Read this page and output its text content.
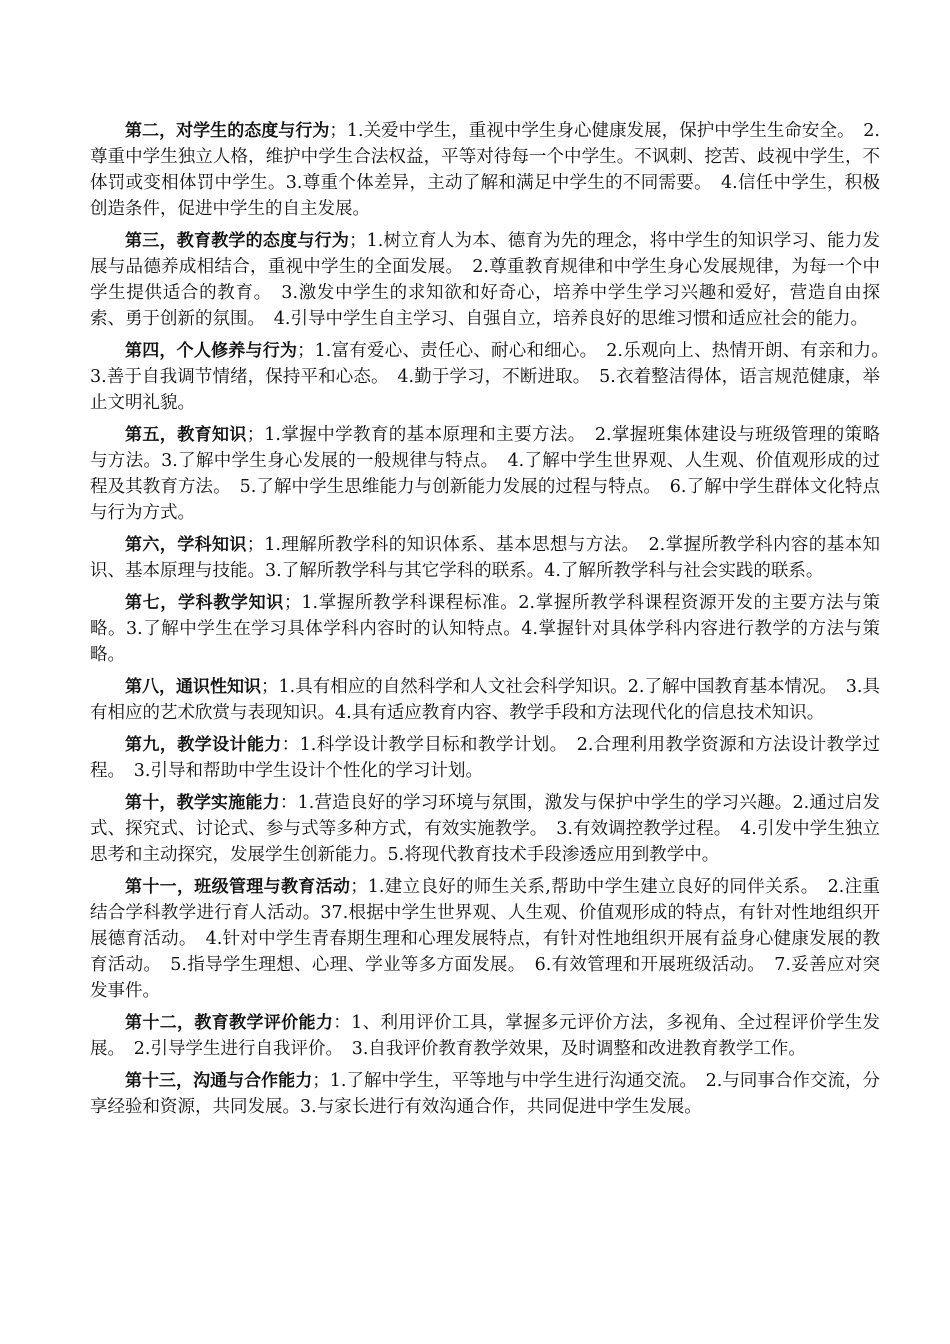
第二，对学生的态度与行为；1.关爱中学生，重视中学生身心健康发展，保护中学生生命安全。　2.尊重中学生独立人格，维护中学生合法权益，平等对待每一个中学生。不讽刺、挖苦、歧视中学生，不体罚或变相体罚中学生。3.尊重个体差异，主动了解和满足中学生的不同需要。　4.信任中学生，积极创造条件，促进中学生的自主发展。

第三，教育教学的态度与行为；1.树立育人为本、德育为先的理念，将中学生的知识学习、能力发展与品德养成相结合，重视中学生的全面发展。　2.尊重教育规律和中学生身心发展规律，为每一个中学生提供适合的教育。　3.激发中学生的求知欲和好奇心，培养中学生学习兴趣和爱好，营造自由探索、勇于创新的氛围。　4.引导中学生自主学习、自强自立，培养良好的思维习惯和适应社会的能力。

第四，个人修养与行为；1.富有爱心、责任心、耐心和细心。　2.乐观向上、热情开朗、有亲和力。　3.善于自我调节情绪，保持平和心态。　4.勤于学习，不断进取。　5.衣着整洁得体，语言规范健康，举止文明礼貌。

第五，教育知识；1.掌握中学教育的基本原理和主要方法。　2.掌握班集体建设与班级管理的策略与方法。3.了解中学生身心发展的一般规律与特点。　4.了解中学生世界观、人生观、价值观形成的过程及其教育方法。　5.了解中学生思维能力与创新能力发展的过程与特点。　6.了解中学生群体文化特点与行为方式。

第六，学科知识；1.理解所教学科的知识体系、基本思想与方法。　2.掌握所教学科内容的基本知识、基本原理与技能。3.了解所教学科与其它学科的联系。4.了解所教学科与社会实践的联系。

第七，学科教学知识；1.掌握所教学科课程标准。2.掌握所教学科课程资源开发的主要方法与策略。3.了解中学生在学习具体学科内容时的认知特点。4.掌握针对具体学科内容进行教学的方法与策略。

第八，通识性知识；1.具有相应的自然科学和人文社会科学知识。2.了解中国教育基本情况。　3.具有相应的艺术欣赏与表现知识。4.具有适应教育内容、教学手段和方法现代化的信息技术知识。

第九，教学设计能力：1.科学设计教学目标和教学计划。　2.合理利用教学资源和方法设计教学过程。　3.引导和帮助中学生设计个性化的学习计划。

第十，教学实施能力：1.营造良好的学习环境与氛围，激发与保护中学生的学习兴趣。2.通过启发式、探究式、讨论式、参与式等多种方式，有效实施教学。　3.有效调控教学过程。　4.引发中学生独立思考和主动探究，发展学生创新能力。5.将现代教育技术手段渗透应用到教学中。

第十一，班级管理与教育活动；1.建立良好的师生关系,帮助中学生建立良好的同伴关系。　2.注重结合学科教学进行育人活动。37.根据中学生世界观、人生观、价值观形成的特点，有针对性地组织开展德育活动。　4.针对中学生青春期生理和心理发展特点，有针对性地组织开展有益身心健康发展的教育活动。　5.指导学生理想、心理、学业等多方面发展。　6.有效管理和开展班级活动。　7.妥善应对突发事件。

第十二，教育教学评价能力：1、利用评价工具，掌握多元评价方法，多视角、全过程评价学生发展。　2.引导学生进行自我评价。　3.自我评价教育教学效果，及时调整和改进教育教学工作。

第十三，沟通与合作能力；1.了解中学生，平等地与中学生进行沟通交流。　2.与同事合作交流，分享经验和资源，共同发展。3.与家长进行有效沟通合作，共同促进中学生发展。
